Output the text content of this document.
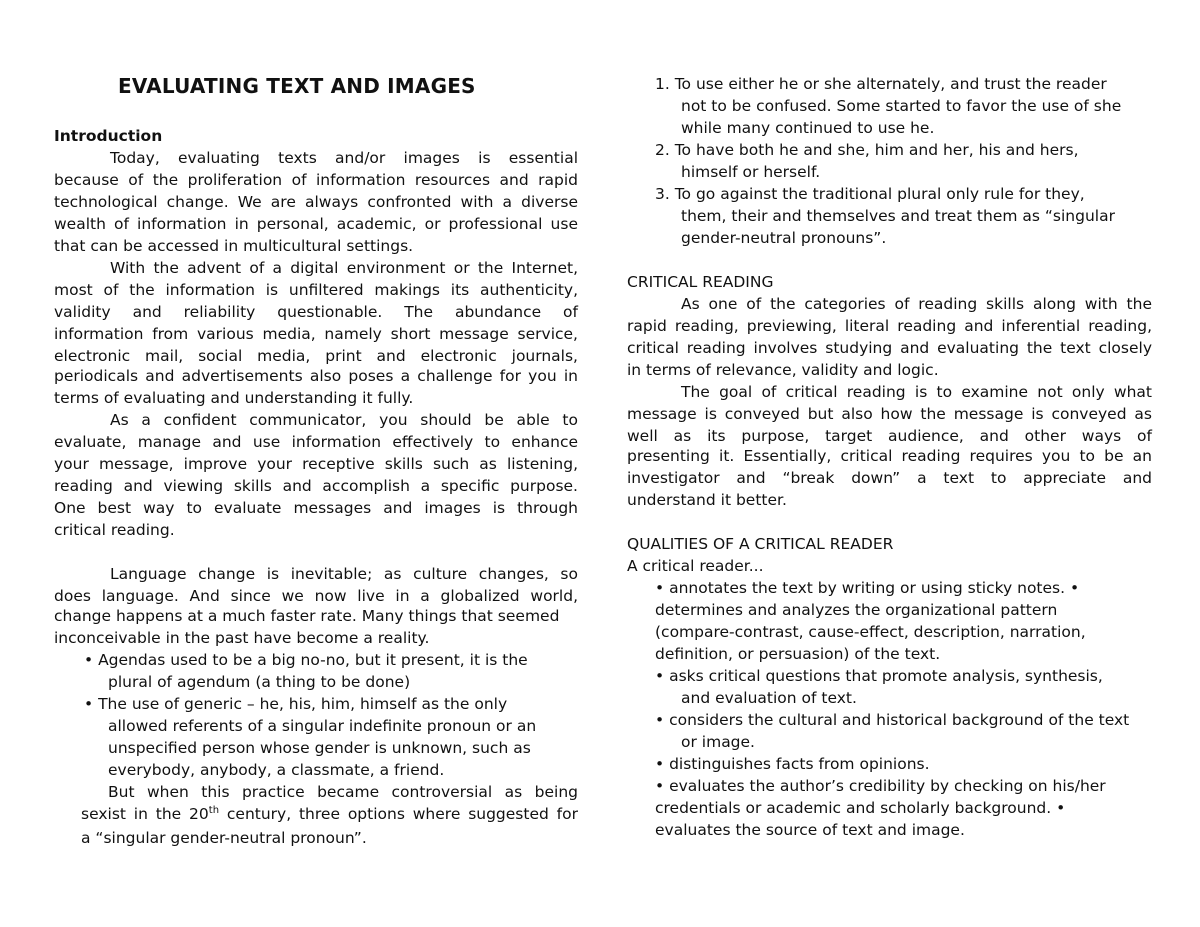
EVALUATING TEXT AND IMAGES
Introduction
Today, evaluating texts and/or images is essential
because of the proliferation of information resources and rapid
technological change. We are always confronted with a diverse
wealth of information in personal, academic, or professional use
that can be accessed in multicultural settings.
With the advent of a digital environment or the Internet,
most of the information is unfiltered makings its authenticity,
validity and reliability questionable. The abundance of
information from various media, namely short message service,
electronic mail, social media, print and electronic journals,
periodicals and advertisements also poses a challenge for you in
terms of evaluating and understanding it fully.
As a confident communicator, you should be able to
evaluate, manage and use information effectively to enhance
your message, improve your receptive skills such as listening,
reading and viewing skills and accomplish a specific purpose.
One best way to evaluate messages and images is through
critical reading.
Language change is inevitable; as culture changes, so
does language. And since we now live in a globalized world,
change happens at a much faster rate. Many things that seemed
inconceivable in the past have become a reality.
• Agendas used to be a big no-no, but it present, it is the
plural of agendum (a thing to be done)
• The use of generic – he, his, him, himself as the only
allowed referents of a singular indefinite pronoun or an
unspecified person whose gender is unknown, such as
everybody, anybody, a classmate, a friend.
But when this practice became controversial as being
sexist in the 20th century, three options where suggested for
a “singular gender-neutral pronoun”.
1. To use either he or she alternately, and trust the reader
not to be confused. Some started to favor the use of she
while many continued to use he.
2. To have both he and she, him and her, his and hers,
himself or herself.
3. To go against the traditional plural only rule for they,
them, their and themselves and treat them as “singular
gender-neutral pronouns”.
CRITICAL READING
As one of the categories of reading skills along with the
rapid reading, previewing, literal reading and inferential reading,
critical reading involves studying and evaluating the text closely
in terms of relevance, validity and logic.
The goal of critical reading is to examine not only what
message is conveyed but also how the message is conveyed as
well as its purpose, target audience, and other ways of
presenting it. Essentially, critical reading requires you to be an
investigator and “break down” a text to appreciate and
understand it better.
QUALITIES OF A CRITICAL READER
A critical reader...
• annotates the text by writing or using sticky notes. •
determines and analyzes the organizational pattern
(compare-contrast, cause-effect, description, narration,
definition, or persuasion) of the text.
• asks critical questions that promote analysis, synthesis,
and evaluation of text.
• considers the cultural and historical background of the text
or image.
• distinguishes facts from opinions.
• evaluates the author’s credibility by checking on his/her
credentials or academic and scholarly background. •
evaluates the source of text and image.
